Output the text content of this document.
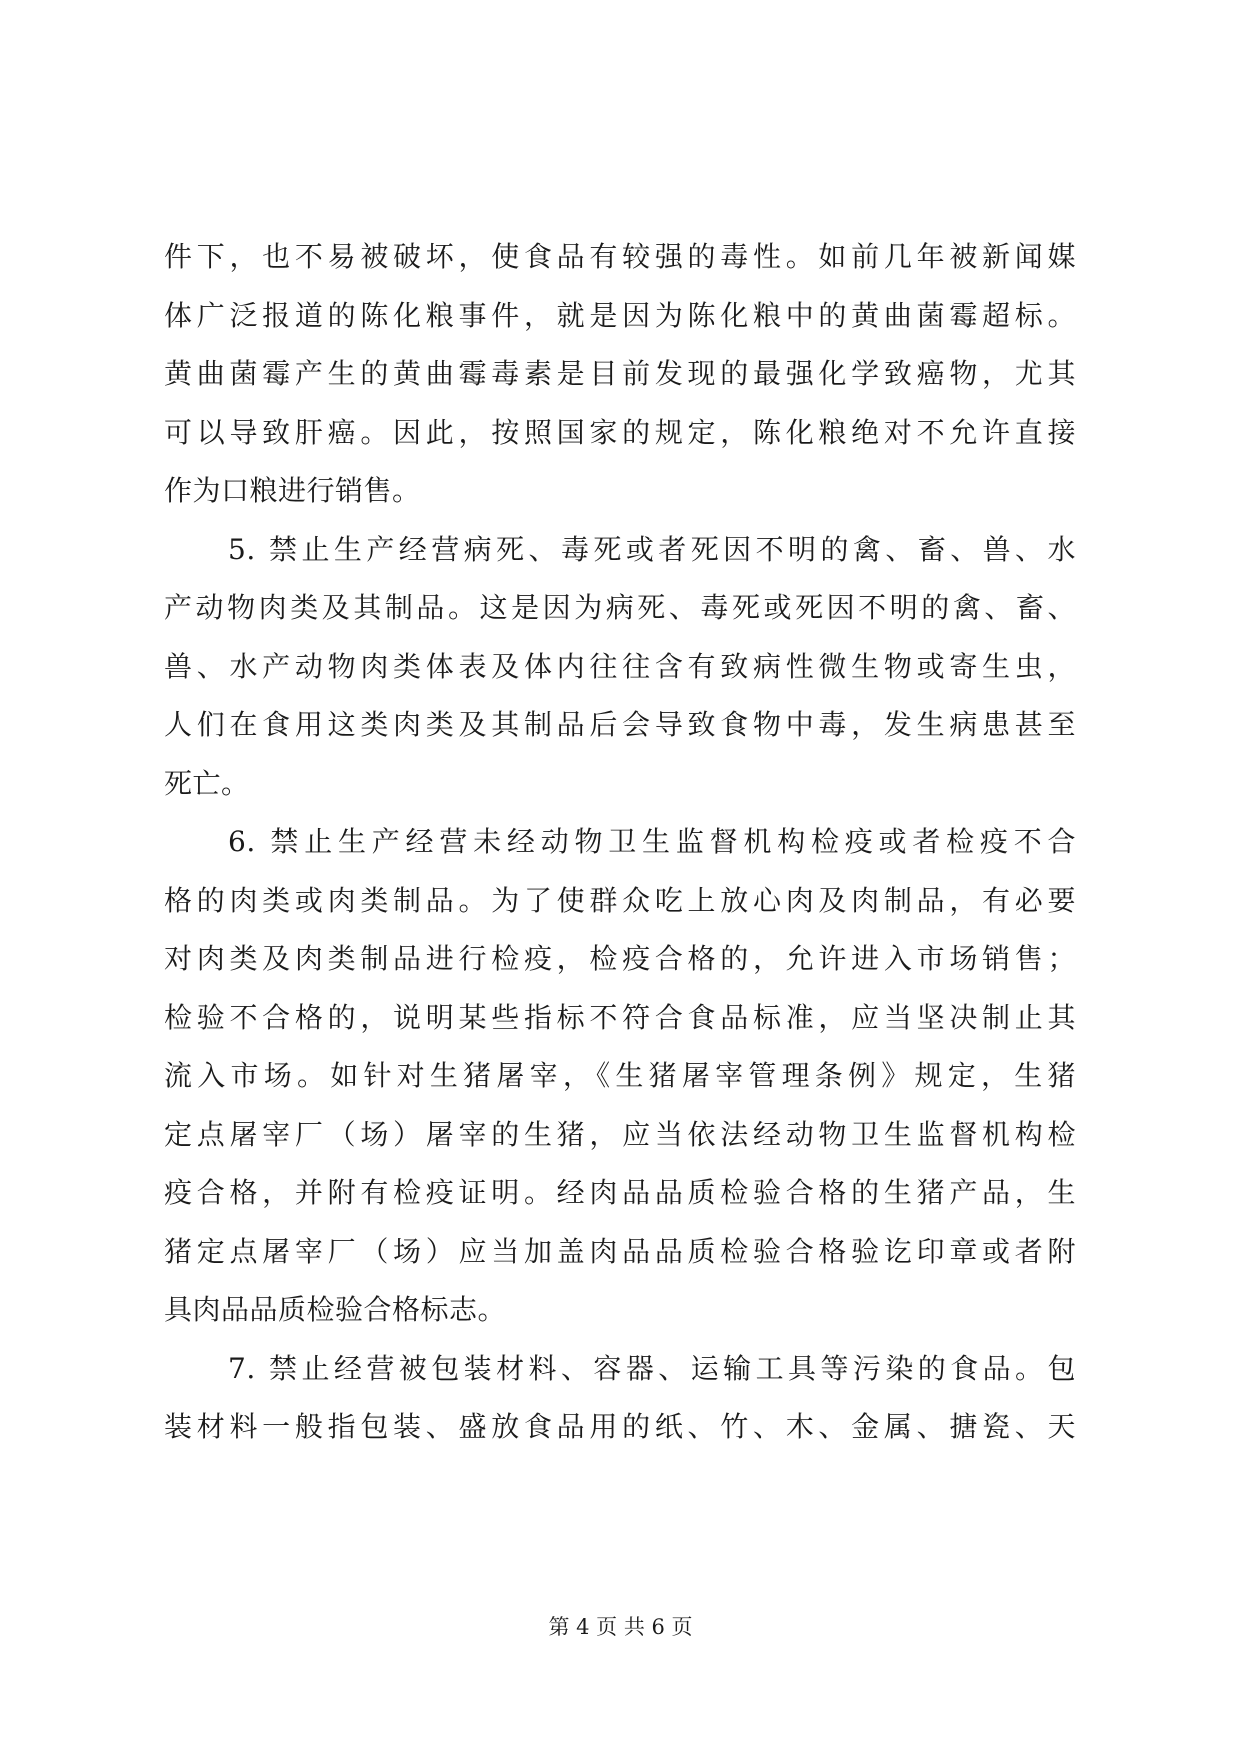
件下，也不易被破坏，使食品有较强的毒性。如前几年被新闻媒
体广泛报道的陈化粮事件，就是因为陈化粮中的黄曲菌霉超标。
黄曲菌霉产生的黄曲霉毒素是目前发现的最强化学致癌物，尤其
可以导致肝癌。因此，按照国家的规定，陈化粮绝对不允许直接
作为口粮进行销售。
5. 禁止生产经营病死、毒死或者死因不明的禽、畜、兽、水
产动物肉类及其制品。这是因为病死、毒死或死因不明的禽、畜、
兽、水产动物肉类体表及体内往往含有致病性微生物或寄生虫，
人们在食用这类肉类及其制品后会导致食物中毒，发生病患甚至
死亡。
6. 禁止生产经营未经动物卫生监督机构检疫或者检疫不合
格的肉类或肉类制品。为了使群众吃上放心肉及肉制品，有必要
对肉类及肉类制品进行检疫，检疫合格的，允许进入市场销售；
检验不合格的，说明某些指标不符合食品标准，应当坚决制止其
流入市场。如针对生猪屠宰，《生猪屠宰管理条例》规定，生猪
定点屠宰厂（场）屠宰的生猪，应当依法经动物卫生监督机构检
疫合格，并附有检疫证明。经肉品品质检验合格的生猪产品，生
猪定点屠宰厂（场）应当加盖肉品品质检验合格验讫印章或者附
具肉品品质检验合格标志。
7. 禁止经营被包装材料、容器、运输工具等污染的食品。包
装材料一般指包装、盛放食品用的纸、竹、木、金属、搪瓷、天
第 4 页 共 6 页
